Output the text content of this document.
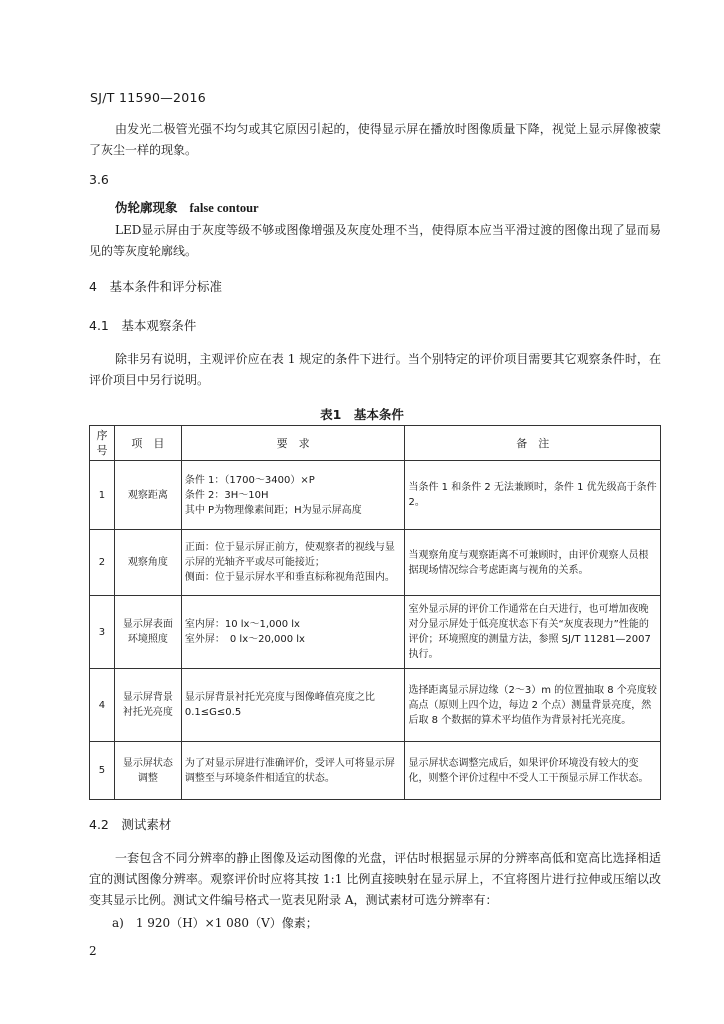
SJ/T 11590—2016
由发光二极管光强不均匀或其它原因引起的，使得显示屏在播放时图像质量下降，视觉上显示屏像被蒙了灰尘一样的现象。
3.6
伪轮廓现象 false contour
LED显示屏由于灰度等级不够或图像增强及灰度处理不当，使得原本应当平滑过渡的图像出现了显而易见的等灰度轮廓线。
4　基本条件和评分标准
4.1　基本观察条件
除非另有说明，主观评价应在表 1 规定的条件下进行。当个别特定的评价项目需要其它观察条件时，在评价项目中另行说明。
表1　基本条件
序号	项　目	要　求	备　注
1	观察距离	条件 1：（1700～3400）×P
条件 2：3H～10H
其中 P为物理像素间距；H为显示屏高度	当条件 1 和条件 2 无法兼顾时，条件 1 优先级高于条件 2。
2	观察角度	正面：位于显示屏正前方，使观察者的视线与显示屏的光轴齐平或尽可能接近；
侧面：位于显示屏水平和垂直标称视角范围内。	当观察角度与观察距离不可兼顾时，由评价观察人员根据现场情况综合考虑距离与视角的关系。
3	显示屏表面环境照度	室内屏：10 lx～1,000 lx
室外屏：　0 lx～20,000 lx	室外显示屏的评价工作通常在白天进行，也可增加夜晚对分显示屏处于低亮度状态下有关“灰度表现力”性能的评价；环境照度的测量方法，参照 SJ/T 11281—2007 执行。
4	显示屏背景衬托光亮度	显示屏背景衬托光亮度与图像峰值亮度之比 0.1≤G≤0.5	选择距离显示屏边缘（2～3）m 的位置抽取 8 个亮度较高点（原则上四个边，每边 2 个点）测量背景亮度，然后取 8 个数据的算术平均值作为背景衬托光亮度。
5	显示屏状态调整	为了对显示屏进行准确评价，受评人可将显示屏调整至与环境条件相适宜的状态。	显示屏状态调整完成后，如果评价环境没有较大的变化，则整个评价过程中不受人工干预显示屏工作状态。
4.2　测试素材
一套包含不同分辨率的静止图像及运动图像的光盘，评估时根据显示屏的分辨率高低和宽高比选择相适宜的测试图像分辨率。观察评价时应将其按 1:1 比例直接映射在显示屏上，不宜将图片进行拉伸或压缩以改变其显示比例。测试文件编号格式一览表见附录 A，测试素材可选分辨率有：
a)　1 920（H）×1 080（V）像素；
2
